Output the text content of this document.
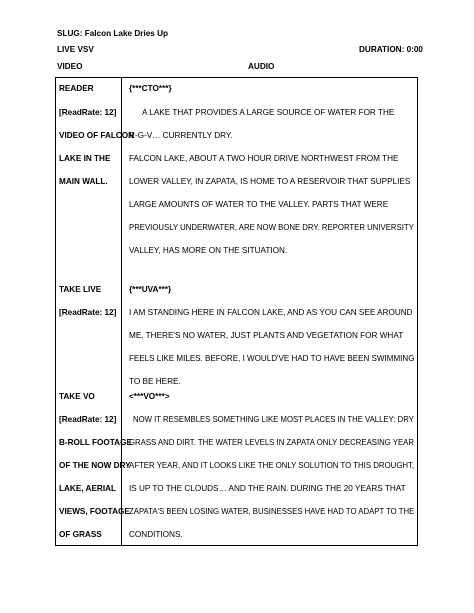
SLUG: Falcon Lake Dries Up
LIVE VSV	DURATION: 0:00
VIDEO	AUDIO
READER
[ReadRate: 12]
VIDEO OF FALCON
LAKE IN THE
MAIN WALL.
TAKE LIVE
[ReadRate: 12]
TAKE VO
[ReadRate: 12]
B-ROLL FOOTAGE
OF THE NOW DRY
LAKE, AERIAL
VIEWS, FOOTAGE
OF GRASS
{***CTO***}
A LAKE THAT PROVIDES A LARGE SOURCE OF WATER FOR THE
R-G-V… CURRENTLY DRY.
FALCON LAKE, ABOUT A TWO HOUR DRIVE NORTHWEST FROM THE
LOWER VALLEY, IN ZAPATA, IS HOME TO A RESERVOIR THAT SUPPLIES
LARGE AMOUNTS OF WATER TO THE VALLEY. PARTS THAT WERE
PREVIOUSLY UNDERWATER, ARE NOW BONE DRY. REPORTER UNIVERSITY
VALLEY, HAS MORE ON THE SITUATION.
{***UVA***}
I AM STANDING HERE IN FALCON LAKE, AND AS YOU CAN SEE AROUND
ME, THERE'S NO WATER, JUST PLANTS AND VEGETATION FOR WHAT
FEELS LIKE MILES. BEFORE, I WOULD'VE HAD TO HAVE BEEN SWIMMING
TO BE HERE.
<***VO***>
NOW IT RESEMBLES SOMETHING LIKE MOST PLACES IN THE VALLEY: DRY
GRASS AND DIRT. THE WATER LEVELS IN ZAPATA ONLY DECREASING YEAR
AFTER YEAR, AND IT LOOKS LIKE THE ONLY SOLUTION TO THIS DROUGHT,
IS UP TO THE CLOUDS… AND THE RAIN. DURING THE 20 YEARS THAT
ZAPATA'S BEEN LOSING WATER, BUSINESSES HAVE HAD TO ADAPT TO THE
CONDITIONS.
